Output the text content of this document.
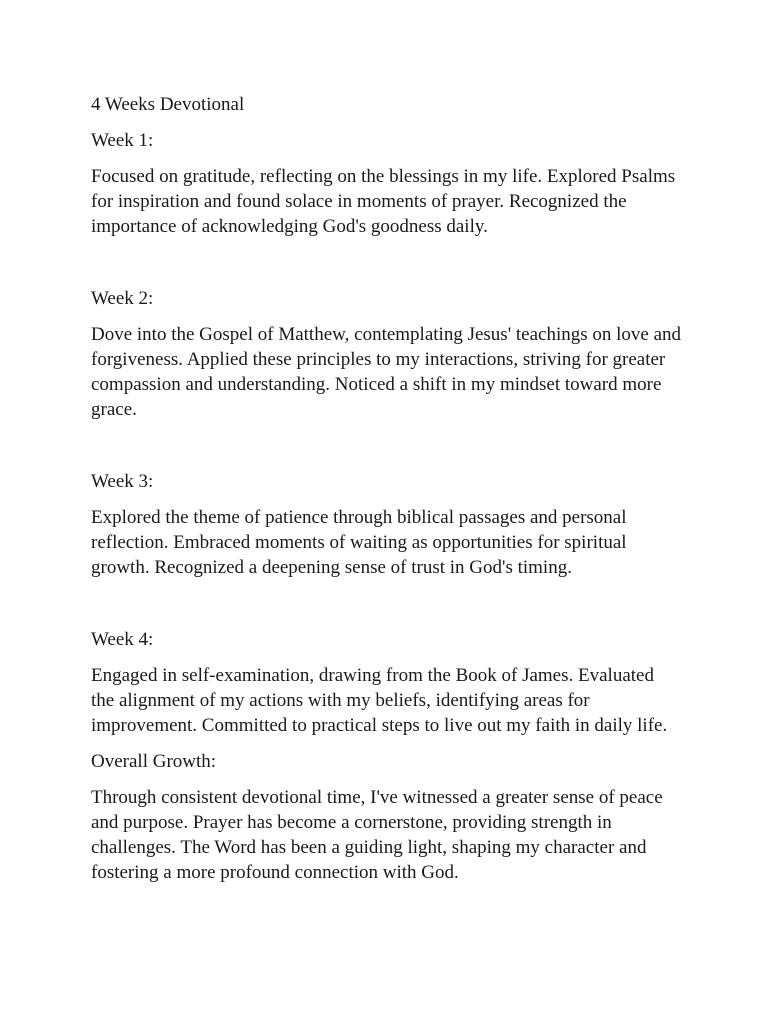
4 Weeks Devotional

Week 1:

Focused on gratitude, reflecting on the blessings in my life. Explored Psalms for inspiration and found solace in moments of prayer. Recognized the importance of acknowledging God's goodness daily.

Week 2:

Dove into the Gospel of Matthew, contemplating Jesus' teachings on love and forgiveness. Applied these principles to my interactions, striving for greater compassion and understanding. Noticed a shift in my mindset toward more grace.

Week 3:

Explored the theme of patience through biblical passages and personal reflection. Embraced moments of waiting as opportunities for spiritual growth. Recognized a deepening sense of trust in God's timing.

Week 4:

Engaged in self-examination, drawing from the Book of James. Evaluated the alignment of my actions with my beliefs, identifying areas for improvement. Committed to practical steps to live out my faith in daily life.

Overall Growth:

Through consistent devotional time, I've witnessed a greater sense of peace and purpose. Prayer has become a cornerstone, providing strength in challenges. The Word has been a guiding light, shaping my character and fostering a more profound connection with God.
